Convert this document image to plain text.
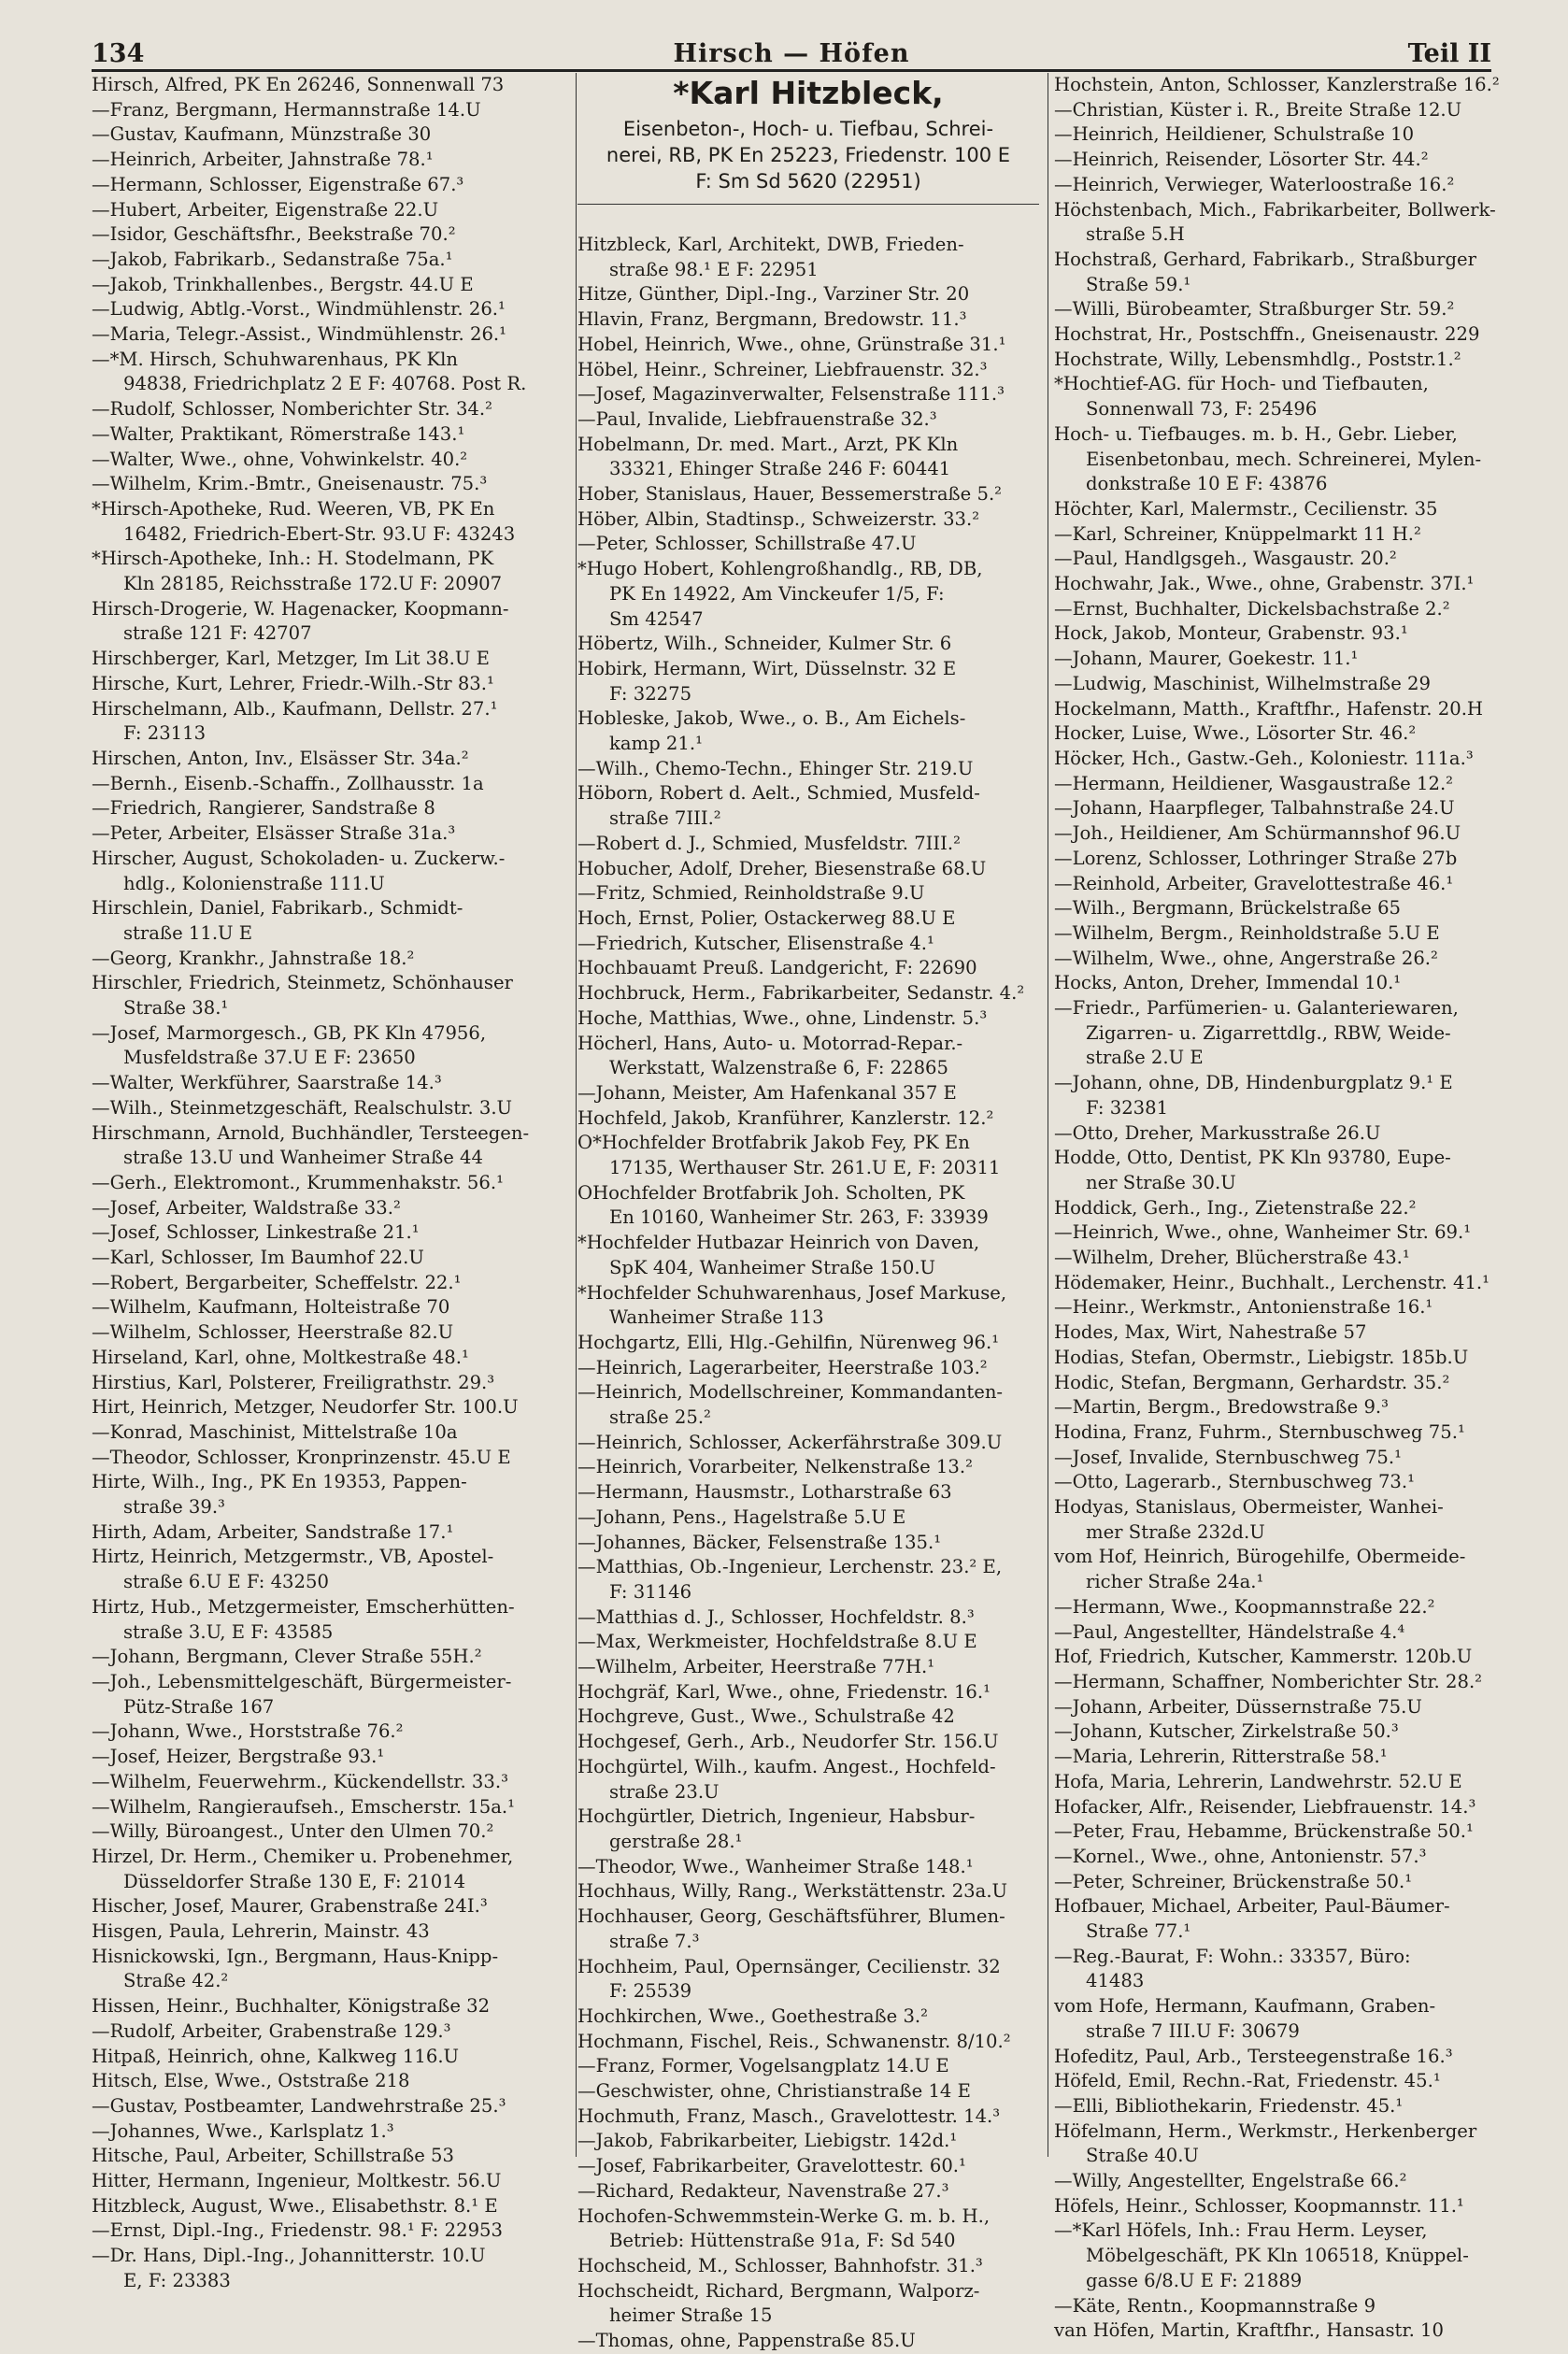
134	Hirsch — Höfen	Teil II
Hirsch, Alfred, PK En 26246, Sonnenwall 73
—Franz, Bergmann, Hermannstraße 14.U
—Gustav, Kaufmann, Münzstraße 30
—Heinrich, Arbeiter, Jahnstraße 78.¹
—Hermann, Schlosser, Eigenstraße 67.³
—Hubert, Arbeiter, Eigenstraße 22.U
—Isidor, Geschäftsfhr., Beekstraße 70.²
—Jakob, Fabrikarb., Sedanstraße 75a.¹
—Jakob, Trinkhallenbes., Bergstr. 44.U E
—Ludwig, Abtlg.-Vorst., Windmühlenstr. 26.¹
—Maria, Telegr.-Assist., Windmühlenstr. 26.¹
—*M. Hirsch, Schuhwarenhaus, PK Kln
94838, Friedrichplatz 2 E F: 40768. Post R.
—Rudolf, Schlosser, Nomberichter Str. 34.²
—Walter, Praktikant, Römerstraße 143.¹
—Walter, Wwe., ohne, Vohwinkelstr. 40.²
—Wilhelm, Krim.-Bmtr., Gneisenaustr. 75.³
*Hirsch-Apotheke, Rud. Weeren, VB, PK En
16482, Friedrich-Ebert-Str. 93.U F: 43243
*Hirsch-Apotheke, Inh.: H. Stodelmann, PK
Kln 28185, Reichsstraße 172.U F: 20907
Hirsch-Drogerie, W. Hagenacker, Koopmann-
straße 121 F: 42707
Hirschberger, Karl, Metzger, Im Lit 38.U E
Hirsche, Kurt, Lehrer, Friedr.-Wilh.-Str 83.¹
Hirschelmann, Alb., Kaufmann, Dellstr. 27.¹
F: 23113
Hirschen, Anton, Inv., Elsässer Str. 34a.²
—Bernh., Eisenb.-Schaffn., Zollhausstr. 1a
—Friedrich, Rangierer, Sandstraße 8
—Peter, Arbeiter, Elsässer Straße 31a.³
Hirscher, August, Schokoladen- u. Zuckerw.-
hdlg., Kolonienstraße 111.U
Hirschlein, Daniel, Fabrikarb., Schmidt-
straße 11.U E
—Georg, Krankhr., Jahnstraße 18.²
Hirschler, Friedrich, Steinmetz, Schönhauser
Straße 38.¹
—Josef, Marmorgesch., GB, PK Kln 47956,
Musfeldstraße 37.U E F: 23650
—Walter, Werkführer, Saarstraße 14.³
—Wilh., Steinmetzgeschäft, Realschulstr. 3.U
Hirschmann, Arnold, Buchhändler, Tersteegen-
straße 13.U und Wanheimer Straße 44
—Gerh., Elektromont., Krummenhakstr. 56.¹
—Josef, Arbeiter, Waldstraße 33.²
—Josef, Schlosser, Linkestraße 21.¹
—Karl, Schlosser, Im Baumhof 22.U
—Robert, Bergarbeiter, Scheffelstr. 22.¹
—Wilhelm, Kaufmann, Holteistraße 70
—Wilhelm, Schlosser, Heerstraße 82.U
Hirseland, Karl, ohne, Moltkestraße 48.¹
Hirstius, Karl, Polsterer, Freiligrathstr. 29.³
Hirt, Heinrich, Metzger, Neudorfer Str. 100.U
—Konrad, Maschinist, Mittelstraße 10a
—Theodor, Schlosser, Kronprinzenstr. 45.U E
Hirte, Wilh., Ing., PK En 19353, Pappen-
straße 39.³
Hirth, Adam, Arbeiter, Sandstraße 17.¹
Hirtz, Heinrich, Metzgermstr., VB, Apostel-
straße 6.U E F: 43250
Hirtz, Hub., Metzgermeister, Emscherhütten-
straße 3.U, E F: 43585
—Johann, Bergmann, Clever Straße 55H.²
—Joh., Lebensmittelgeschäft, Bürgermeister-
Pütz-Straße 167
—Johann, Wwe., Horststraße 76.²
—Josef, Heizer, Bergstraße 93.¹
—Wilhelm, Feuerwehrm., Kückendellstr. 33.³
—Wilhelm, Rangieraufseh., Emscherstr. 15a.¹
—Willy, Büroangest., Unter den Ulmen 70.²
Hirzel, Dr. Herm., Chemiker u. Probenehmer,
Düsseldorfer Straße 130 E, F: 21014
Hischer, Josef, Maurer, Grabenstraße 24I.³
Hisgen, Paula, Lehrerin, Mainstr. 43
Hisnickowski, Ign., Bergmann, Haus-Knipp-
Straße 42.²
Hissen, Heinr., Buchhalter, Königstraße 32
—Rudolf, Arbeiter, Grabenstraße 129.³
Hitpaß, Heinrich, ohne, Kalkweg 116.U
Hitsch, Else, Wwe., Oststraße 218
—Gustav, Postbeamter, Landwehrstraße 25.³
—Johannes, Wwe., Karlsplatz 1.³
Hitsche, Paul, Arbeiter, Schillstraße 53
Hitter, Hermann, Ingenieur, Moltkestr. 56.U
Hitzbleck, August, Wwe., Elisabethstr. 8.¹ E
—Ernst, Dipl.-Ing., Friedenstr. 98.¹ F: 22953
—Dr. Hans, Dipl.-Ing., Johannitterstr. 10.U
E, F: 23383
*Karl Hitzbleck,
Eisenbeton-, Hoch- u. Tiefbau, Schrei-
nerei, RB, PK En 25223, Friedenstr. 100 E
F: Sm Sd 5620 (22951)
Hitzbleck, Karl, Architekt, DWB, Frieden-
straße 98.¹ E F: 22951
Hitze, Günther, Dipl.-Ing., Varziner Str. 20
Hlavin, Franz, Bergmann, Bredowstr. 11.³
Hobel, Heinrich, Wwe., ohne, Grünstraße 31.¹
Höbel, Heinr., Schreiner, Liebfrauenstr. 32.³
—Josef, Magazinverwalter, Felsenstraße 111.³
—Paul, Invalide, Liebfrauenstraße 32.³
Hobelmann, Dr. med. Mart., Arzt, PK Kln
33321, Ehinger Straße 246 F: 60441
Hober, Stanislaus, Hauer, Bessemerstraße 5.²
Höber, Albin, Stadtinsp., Schweizerstr. 33.²
—Peter, Schlosser, Schillstraße 47.U
*Hugo Hobert, Kohlengroßhandlg., RB, DB,
PK En 14922, Am Vinckeufer 1/5, F:
Sm 42547
Höbertz, Wilh., Schneider, Kulmer Str. 6
Hobirk, Hermann, Wirt, Düsselnstr. 32 E
F: 32275
Hobleske, Jakob, Wwe., o. B., Am Eichels-
kamp 21.¹
—Wilh., Chemo-Techn., Ehinger Str. 219.U
Höborn, Robert d. Aelt., Schmied, Musfeld-
straße 7III.²
—Robert d. J., Schmied, Musfeldstr. 7III.²
Hobucher, Adolf, Dreher, Biesenstraße 68.U
—Fritz, Schmied, Reinholdstraße 9.U
Hoch, Ernst, Polier, Ostackerweg 88.U E
—Friedrich, Kutscher, Elisenstraße 4.¹
Hochbauamt Preuß. Landgericht, F: 22690
Hochbruck, Herm., Fabrikarbeiter, Sedanstr. 4.²
Hoche, Matthias, Wwe., ohne, Lindenstr. 5.³
Höcherl, Hans, Auto- u. Motorrad-Repar.-
Werkstatt, Walzenstraße 6, F: 22865
—Johann, Meister, Am Hafenkanal 357 E
Hochfeld, Jakob, Kranführer, Kanzlerstr. 12.²
O*Hochfelder Brotfabrik Jakob Fey, PK En
17135, Werthauser Str. 261.U E, F: 20311
OHochfelder Brotfabrik Joh. Scholten, PK
En 10160, Wanheimer Str. 263, F: 33939
*Hochfelder Hutbazar Heinrich von Daven,
SpK 404, Wanheimer Straße 150.U
*Hochfelder Schuhwarenhaus, Josef Markuse,
Wanheimer Straße 113
Hochgartz, Elli, Hlg.-Gehilfin, Nürenweg 96.¹
—Heinrich, Lagerarbeiter, Heerstraße 103.²
—Heinrich, Modellschreiner, Kommandanten-
straße 25.²
—Heinrich, Schlosser, Ackerfährstraße 309.U
—Heinrich, Vorarbeiter, Nelkenstraße 13.²
—Hermann, Hausmstr., Lotharstraße 63
—Johann, Pens., Hagelstraße 5.U E
—Johannes, Bäcker, Felsenstraße 135.¹
—Matthias, Ob.-Ingenieur, Lerchenstr. 23.² E,
F: 31146
—Matthias d. J., Schlosser, Hochfeldstr. 8.³
—Max, Werkmeister, Hochfeldstraße 8.U E
—Wilhelm, Arbeiter, Heerstraße 77H.¹
Hochgräf, Karl, Wwe., ohne, Friedenstr. 16.¹
Hochgreve, Gust., Wwe., Schulstraße 42
Hochgesef, Gerh., Arb., Neudorfer Str. 156.U
Hochgürtel, Wilh., kaufm. Angest., Hochfeld-
straße 23.U
Hochgürtler, Dietrich, Ingenieur, Habsbur-
gerstraße 28.¹
—Theodor, Wwe., Wanheimer Straße 148.¹
Hochhaus, Willy, Rang., Werkstättenstr. 23a.U
Hochhauser, Georg, Geschäftsführer, Blumen-
straße 7.³
Hochheim, Paul, Opernsänger, Cecilienstr. 32
F: 25539
Hochkirchen, Wwe., Goethestraße 3.²
Hochmann, Fischel, Reis., Schwanenstr. 8/10.²
—Franz, Former, Vogelsangplatz 14.U E
—Geschwister, ohne, Christianstraße 14 E
Hochmuth, Franz, Masch., Gravelottestr. 14.³
—Jakob, Fabrikarbeiter, Liebigstr. 142d.¹
—Josef, Fabrikarbeiter, Gravelottestr. 60.¹
—Richard, Redakteur, Navenstraße 27.³
Hochofen-Schwemmstein-Werke G. m. b. H.,
Betrieb: Hüttenstraße 91a, F: Sd 540
Hochscheid, M., Schlosser, Bahnhofstr. 31.³
Hochscheidt, Richard, Bergmann, Walporz-
heimer Straße 15
—Thomas, ohne, Pappenstraße 85.U
Hochstein, Anton, Schlosser, Kanzlerstraße 16.²
—Christian, Küster i. R., Breite Straße 12.U
—Heinrich, Heildiener, Schulstraße 10
—Heinrich, Reisender, Lösorter Str. 44.²
—Heinrich, Verwieger, Waterloostraße 16.²
Höchstenbach, Mich., Fabrikarbeiter, Bollwerk-
straße 5.H
Hochstraß, Gerhard, Fabrikarb., Straßburger
Straße 59.¹
—Willi, Bürobeamter, Straßburger Str. 59.²
Hochstrat, Hr., Postschffn., Gneisenaustr. 229
Hochstrate, Willy, Lebensmhdlg., Poststr.1.²
*Hochtief-AG. für Hoch- und Tiefbauten,
Sonnenwall 73, F: 25496
Hoch- u. Tiefbauges. m. b. H., Gebr. Lieber,
Eisenbetonbau, mech. Schreinerei, Mylen-
donkstraße 10 E F: 43876
Höchter, Karl, Malermstr., Cecilienstr. 35
—Karl, Schreiner, Knüppelmarkt 11 H.²
—Paul, Handlgsgeh., Wasgaustr. 20.²
Hochwahr, Jak., Wwe., ohne, Grabenstr. 37I.¹
—Ernst, Buchhalter, Dickelsbachstraße 2.²
Hock, Jakob, Monteur, Grabenstr. 93.¹
—Johann, Maurer, Goekestr. 11.¹
—Ludwig, Maschinist, Wilhelmstraße 29
Hockelmann, Matth., Kraftfhr., Hafenstr. 20.H
Hocker, Luise, Wwe., Lösorter Str. 46.²
Höcker, Hch., Gastw.-Geh., Koloniestr. 111a.³
—Hermann, Heildiener, Wasgaustraße 12.²
—Johann, Haarpfleger, Talbahnstraße 24.U
—Joh., Heildiener, Am Schürmannshof 96.U
—Lorenz, Schlosser, Lothringer Straße 27b
—Reinhold, Arbeiter, Gravelottestraße 46.¹
—Wilh., Bergmann, Brückelstraße 65
—Wilhelm, Bergm., Reinholdstraße 5.U E
—Wilhelm, Wwe., ohne, Angerstraße 26.²
Hocks, Anton, Dreher, Immendal 10.¹
—Friedr., Parfümerien- u. Galanteriewaren,
Zigarren- u. Zigarrettdlg., RBW, Weide-
straße 2.U E
—Johann, ohne, DB, Hindenburgplatz 9.¹ E
F: 32381
—Otto, Dreher, Markusstraße 26.U
Hodde, Otto, Dentist, PK Kln 93780, Eupe-
ner Straße 30.U
Hoddick, Gerh., Ing., Zietenstraße 22.²
—Heinrich, Wwe., ohne, Wanheimer Str. 69.¹
—Wilhelm, Dreher, Blücherstraße 43.¹
Hödemaker, Heinr., Buchhalt., Lerchenstr. 41.¹
—Heinr., Werkmstr., Antonienstraße 16.¹
Hodes, Max, Wirt, Nahestraße 57
Hodias, Stefan, Obermstr., Liebigstr. 185b.U
Hodic, Stefan, Bergmann, Gerhardstr. 35.²
—Martin, Bergm., Bredowstraße 9.³
Hodina, Franz, Fuhrm., Sternbuschweg 75.¹
—Josef, Invalide, Sternbuschweg 75.¹
—Otto, Lagerarb., Sternbuschweg 73.¹
Hodyas, Stanislaus, Obermeister, Wanhei-
mer Straße 232d.U
vom Hof, Heinrich, Bürogehilfe, Obermeide-
richer Straße 24a.¹
—Hermann, Wwe., Koopmannstraße 22.²
—Paul, Angestellter, Händelstraße 4.⁴
Hof, Friedrich, Kutscher, Kammerstr. 120b.U
—Hermann, Schaffner, Nomberichter Str. 28.²
—Johann, Arbeiter, Düssernstraße 75.U
—Johann, Kutscher, Zirkelstraße 50.³
—Maria, Lehrerin, Ritterstraße 58.¹
Hofa, Maria, Lehrerin, Landwehrstr. 52.U E
Hofacker, Alfr., Reisender, Liebfrauenstr. 14.³
—Peter, Frau, Hebamme, Brückenstraße 50.¹
—Kornel., Wwe., ohne, Antonienstr. 57.³
—Peter, Schreiner, Brückenstraße 50.¹
Hofbauer, Michael, Arbeiter, Paul-Bäumer-
Straße 77.¹
—Reg.-Baurat, F: Wohn.: 33357, Büro:
41483
vom Hofe, Hermann, Kaufmann, Graben-
straße 7 III.U F: 30679
Hofeditz, Paul, Arb., Tersteegenstraße 16.³
Höfeld, Emil, Rechn.-Rat, Friedenstr. 45.¹
—Elli, Bibliothekarin, Friedenstr. 45.¹
Höfelmann, Herm., Werkmstr., Herkenberger
Straße 40.U
—Willy, Angestellter, Engelstraße 66.²
Höfels, Heinr., Schlosser, Koopmannstr. 11.¹
—*Karl Höfels, Inh.: Frau Herm. Leyser,
Möbelgeschäft, PK Kln 106518, Knüppel-
gasse 6/8.U E F: 21889
—Käte, Rentn., Koopmannstraße 9
van Höfen, Martin, Kraftfhr., Hansastr. 10
